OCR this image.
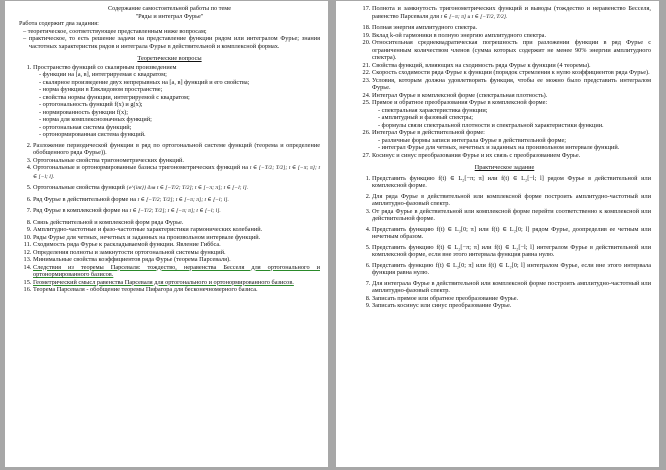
Содержание самостоятельной работы по теме
"Ряды и интеграл Фурье"
Работа содержит два задания:
– теоретическое, соответствующее представленным ниже вопросам;
– практическое, то есть решение задачи на представление функции рядом или интегралом Фурье; знания частотных характеристик рядов и интеграла Фурье в действительной и комплексной формах.
Теоретические вопросы
1. Пространство функций со скалярным произведением
- функции на [a, в], интегрируемая с квадратом;
- скалярное произведение двух непрерывных на [a, в] функций и его свойства;
- норма функции в Евклидовом пространстве;
- свойства нормы функции, интегрируемой с квадратом;
- ортогональность функций f(x) и g(x);
- нормированность функции f(x);
- норма для комплекснозначных функций;
- ортогональная система функций;
- ортонормированная система функций.
2. Разложение периодической функции в ряд по ортогональной системе функций (теорема и определение обобщенного ряда Фурье)).
3. Ортогональные свойства тригонометрических функций.
4. Ортогональные и ортонормированные базисы тригонометрических функций на t ∈ [−T/2; T/2]; t ∈ [−π; π]; t ∈ [−l; l].
5. Ортогональные свойства функций {e^{int}} для t ∈ [−T/2; T/2]; t ∈ [−π; π]; t ∈ [−l; l].
6. Ряд Фурье в действительной форме на t ∈ [−T/2; T/2]; t ∈ [−π; π]; t ∈ [−l; l].
7. Ряд Фурье в комплексной форме на t ∈ [−T/2; T/2]; t ∈ [−π; π]; t ∈ [−l; l].
8. Связь действительной и комплексной форм ряда Фурье.
9. Амплитудно-частотные и фазо-частотные характеристики гармонических колебаний.
10. Ряды Фурье для четных, нечетных и заданных на произвольном интервале функций.
11. Сходимость ряда Фурье к раскладываемой функции. Явление Гиббса.
12. Определения полноты и замкнутости ортогональной системы функций.
13. Минимальные свойства коэффициентов ряда Фурье (теорема Парсеваля).
14. Следствия из теоремы Парсеваля: тождество, неравенства Бесселя для ортогонального и ортонормированного базисов.
15. Геометрический смысл равенства Парсеваля для ортогонального и ортонормированного базисов.
16. Теорема Парсеваля - обобщение теоремы Пифагора для бесконечномерного базиса.
17. Полнота и замкнутость тригонометрических функций и выводы (тождество и неравенство Бесселя, равенство Парсеваля для t ∈ [−π; π] и t ∈ [−T/2, T/2].
18. Полная энергия амплитудного спектра.
19. Вклад k-ой гармоники в полную энергию амплитудного спектра.
20. Относительная среднеквадратическая погрешность при разложении функции в ряд Фурье с ограниченным количеством членов (сумма которых содержит не менее 90% энергии амплитудного спектра).
21. Свойства функций, влияющих на сходимость ряда Фурье к функции (4 теоремы).
22. Скорость сходимости ряда Фурье к функции (порядок стремления к нулю коэффициентов ряда Фурье).
23. Условия, которым должна удовлетворять функция, чтобы ее можно было представить интегралом Фурье.
24. Интеграл Фурье в комплексной форме (спектральная плотность).
25. Прямое и обратное преобразования Фурье в комплексной форме:
- спектральная характеристика функции;
- амплитудный и фазовый спектры;
- формулы связи спектральной плотности и спектральной характеристики функции.
26. Интеграл Фурье в действительной форме:
- различные формы записи интеграла Фурье в действительной форме;
- интеграл Фурье для четных, нечетных и заданных на произвольном интервале функций.
27. Косинус и синус преобразования Фурье и их связь с преобразованием Фурье.
Практическое задание
1. Представить функцию f(t) ∈ L₂[−π; π] или f(t) ∈ L₂[−l; l] рядом Фурье в действительной или комплексной форме.
2. Для ряда Фурье в действительной или комплексной форме построить амплитудно-частотный или амплитудно-фазовый спектр.
3. От ряда Фурье в действительной или комплексной форме перейти соответственно к комплексной или действительной форме.
4. Представить функцию f(t) ∈ L₂[0; π] или f(t) ∈ L₂[0; l] рядом Фурье, доопределив ее четным или нечетным образом.
5. Представить функцию f(t) ∈ L₂[−π; π] или f(t) ∈ L₂[−l; l] интегралом Фурье в действительной или комплексной форме, если вне этого интервала функция равна нулю.
6. Представить функцию f(t) ∈ L₂[0; π] или f(t) ∈ L₂[0; l] интегралом Фурье, если вне этого интервала функция равна нулю.
7. Для интеграла Фурье в действительной или комплексной форме построить амплитудно-частотный или амплитудно-фазовый спектр.
8. Записать прямое или обратное преобразование Фурье.
9. Записать косинус или синус преобразование Фурье.
